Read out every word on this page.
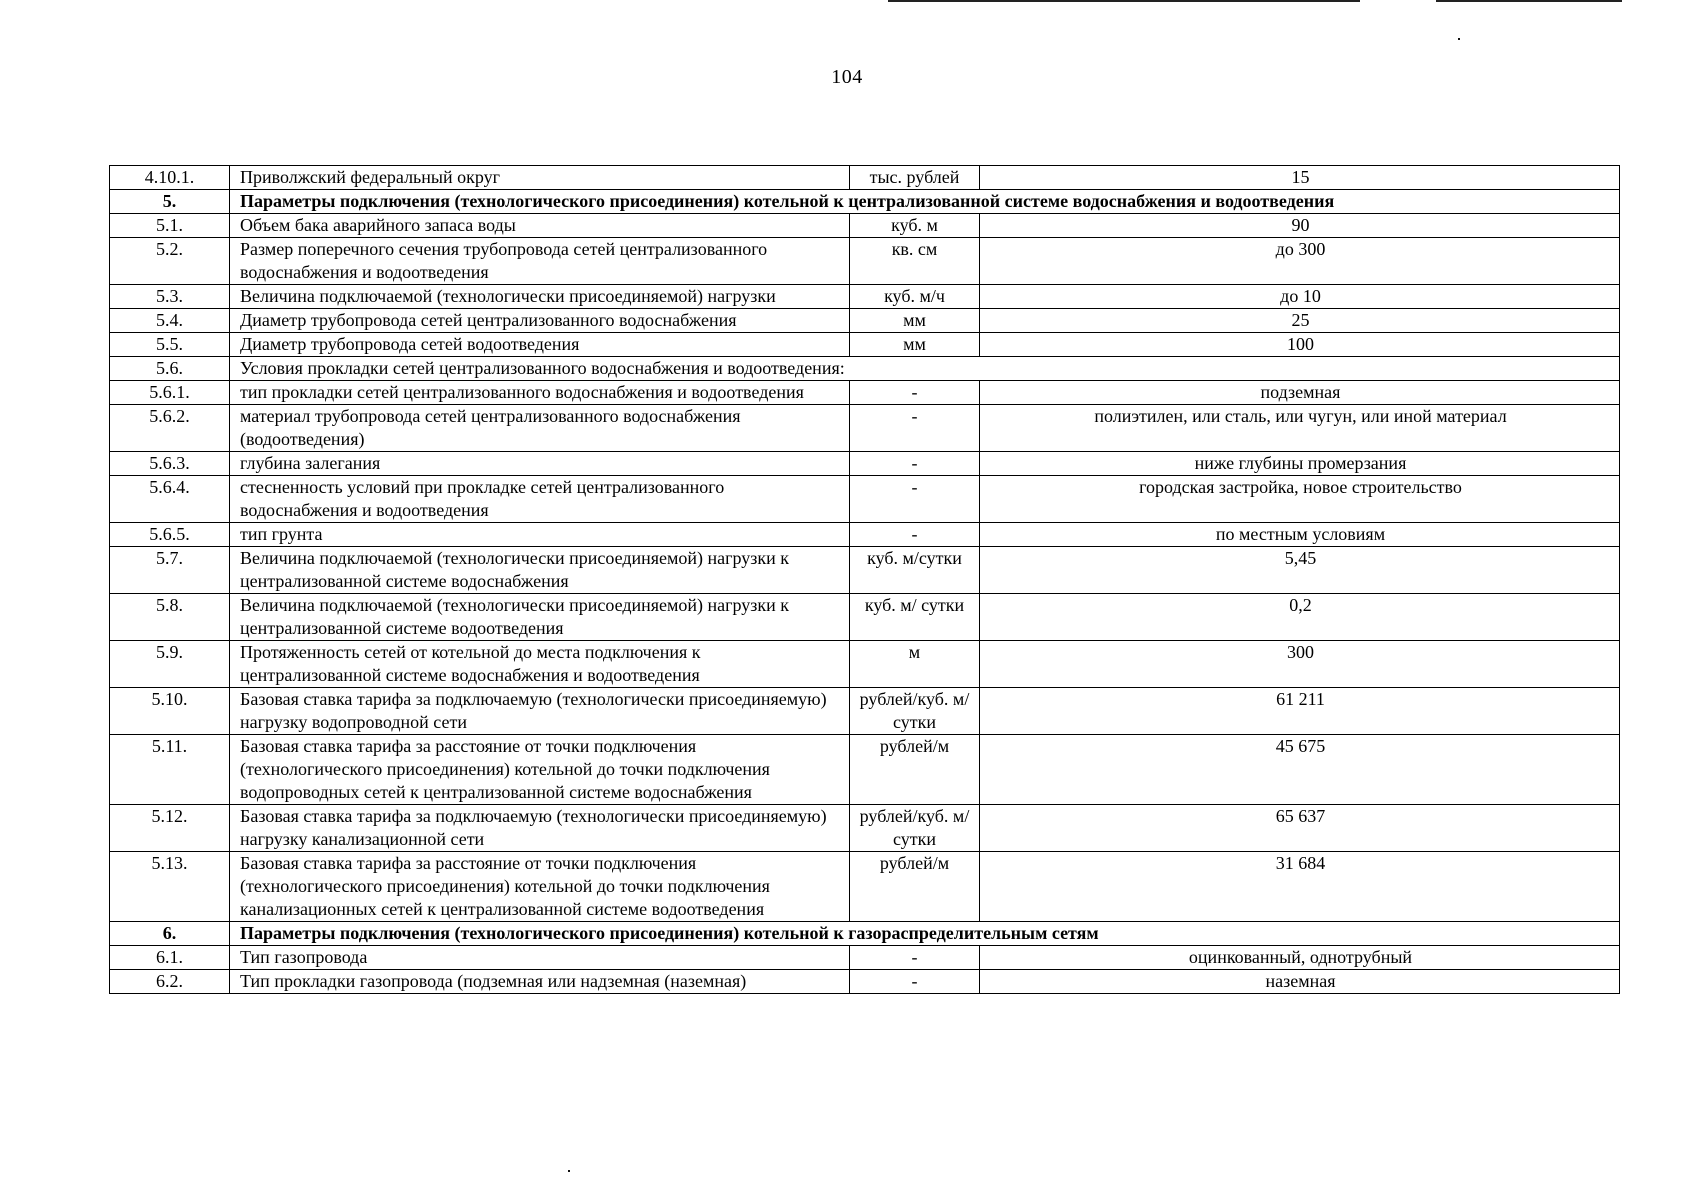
104
4.10.1.	Приволжский федеральный округ	тыс. рублей	15
5.	Параметры подключения (технологического присоединения) котельной к централизованной системе водоснабжения и водоотведения		
5.1.	Объем бака аварийного запаса воды	куб. м	90
5.2.	Размер поперечного сечения трубопровода сетей централизованного водоснабжения и водоотведения	кв. см	до 300
5.3.	Величина подключаемой (технологически присоединяемой) нагрузки	куб. м/ч	до 10
5.4.	Диаметр трубопровода сетей централизованного водоснабжения	мм	25
5.5.	Диаметр трубопровода сетей водоотведения	мм	100
5.6.	Условия прокладки сетей централизованного водоснабжения и водоотведения:		
5.6.1.	тип прокладки сетей централизованного водоснабжения и водоотведения	-	подземная
5.6.2.	материал трубопровода сетей централизованного водоснабжения (водоотведения)	-	полиэтилен, или сталь, или чугун, или иной материал
5.6.3.	глубина залегания	-	ниже глубины промерзания
5.6.4.	стесненность условий при прокладке сетей централизованного водоснабжения и водоотведения	-	городская застройка, новое строительство
5.6.5.	тип грунта	-	по местным условиям
5.7.	Величина подключаемой (технологически присоединяемой) нагрузки к централизованной системе водоснабжения	куб. м/сутки	5,45
5.8.	Величина подключаемой (технологически присоединяемой) нагрузки к централизованной системе водоотведения	куб. м/ сутки	0,2
5.9.	Протяженность сетей от котельной до места подключения к централизованной системе водоснабжения и водоотведения	м	300
5.10.	Базовая ставка тарифа за подключаемую (технологически присоединяемую) нагрузку водопроводной сети	рублей/куб. м/сутки	61 211
5.11.	Базовая ставка тарифа за расстояние от точки подключения (технологического присоединения) котельной до точки подключения водопроводных сетей к централизованной системе водоснабжения	рублей/м	45 675
5.12.	Базовая ставка тарифа за подключаемую (технологически присоединяемую) нагрузку канализационной сети	рублей/куб. м/сутки	65 637
5.13.	Базовая ставка тарифа за расстояние от точки подключения (технологического присоединения) котельной до точки подключения канализационных сетей к централизованной системе водоотведения	рублей/м	31 684
6.	Параметры подключения (технологического присоединения) котельной к газораспределительным сетям		
6.1.	Тип газопровода	-	оцинкованный, однотрубный
6.2.	Тип прокладки газопровода (подземная или надземная (наземная)	-	наземная
